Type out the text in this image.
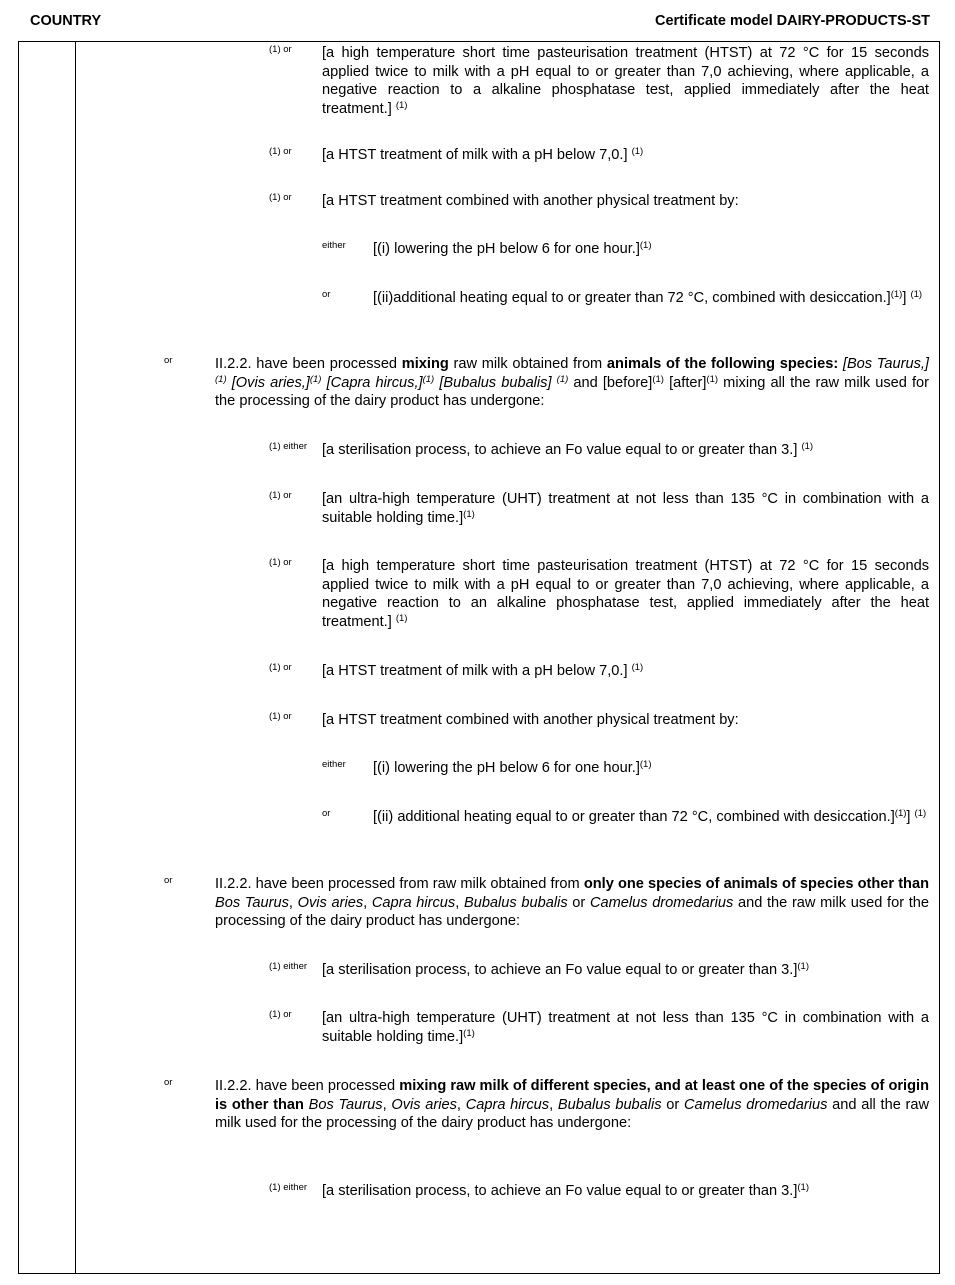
COUNTRY	Certificate model DAIRY-PRODUCTS-ST
(1) or [a high temperature short time pasteurisation treatment (HTST) at 72 °C for 15 seconds applied twice to milk with a pH equal to or greater than 7,0 achieving, where applicable, a negative reaction to a alkaline phosphatase test, applied immediately after the heat treatment.] $^{(1)}$
(1) or [a HTST treatment of milk with a pH below 7,0.] $^{(1)}$
(1) or [a HTST treatment combined with another physical treatment by:
either [(i) lowering the pH below 6 for one hour.]$^{(1)}$
or	[(ii)additional heating equal to or greater than 72 °C, combined with desiccation.]$^{(1)}$] $^{(1)}$
or	II.2.2. have been processed mixing raw milk obtained from animals of the following species: [Bos Taurus,]$^{(1)}$ [Ovis aries,]$^{(1)}$ [Capra hircus,]$^{(1)}$ [Bubalus bubalis] $^{(1)}$ and [before]$^{(1)}$ [after]$^{(1)}$ mixing all the raw milk used for the processing of the dairy product has undergone:
(1) either [a sterilisation process, to achieve an Fo value equal to or greater than 3.] $^{(1)}$
(1) or [an ultra-high temperature (UHT) treatment at not less than 135 °C in combination with a suitable holding time.]$^{(1)}$
(1) or [a high temperature short time pasteurisation treatment (HTST) at 72 °C for 15 seconds applied twice to milk with a pH equal to or greater than 7,0 achieving, where applicable, a negative reaction to an alkaline phosphatase test, applied immediately after the heat treatment.] $^{(1)}$
(1) or [a HTST treatment of milk with a pH below 7,0.] $^{(1)}$
(1) or [a HTST treatment combined with another physical treatment by:
either [(i) lowering the pH below 6 for one hour.]$^{(1)}$
or	[(ii) additional heating equal to or greater than 72 °C, combined with desiccation.]$^{(1)}$] $^{(1)}$
or	II.2.2. have been processed from raw milk obtained from only one species of animals of species other than Bos Taurus, Ovis aries, Capra hircus, Bubalus bubalis or Camelus dromedarius and the raw milk used for the processing of the dairy product has undergone:
(1) either [a sterilisation process, to achieve an Fo value equal to or greater than 3.]$^{(1)}$
(1) or [an ultra-high temperature (UHT) treatment at not less than 135 °C in combination with a suitable holding time.]$^{(1)}$
or	II.2.2. have been processed mixing raw milk of different species, and at least one of the species of origin is other than Bos Taurus, Ovis aries, Capra hircus, Bubalus bubalis or Camelus dromedarius and all the raw milk used for the processing of the dairy product has undergone:
(1) either [a sterilisation process, to achieve an Fo value equal to or greater than 3.]$^{(1)}$
